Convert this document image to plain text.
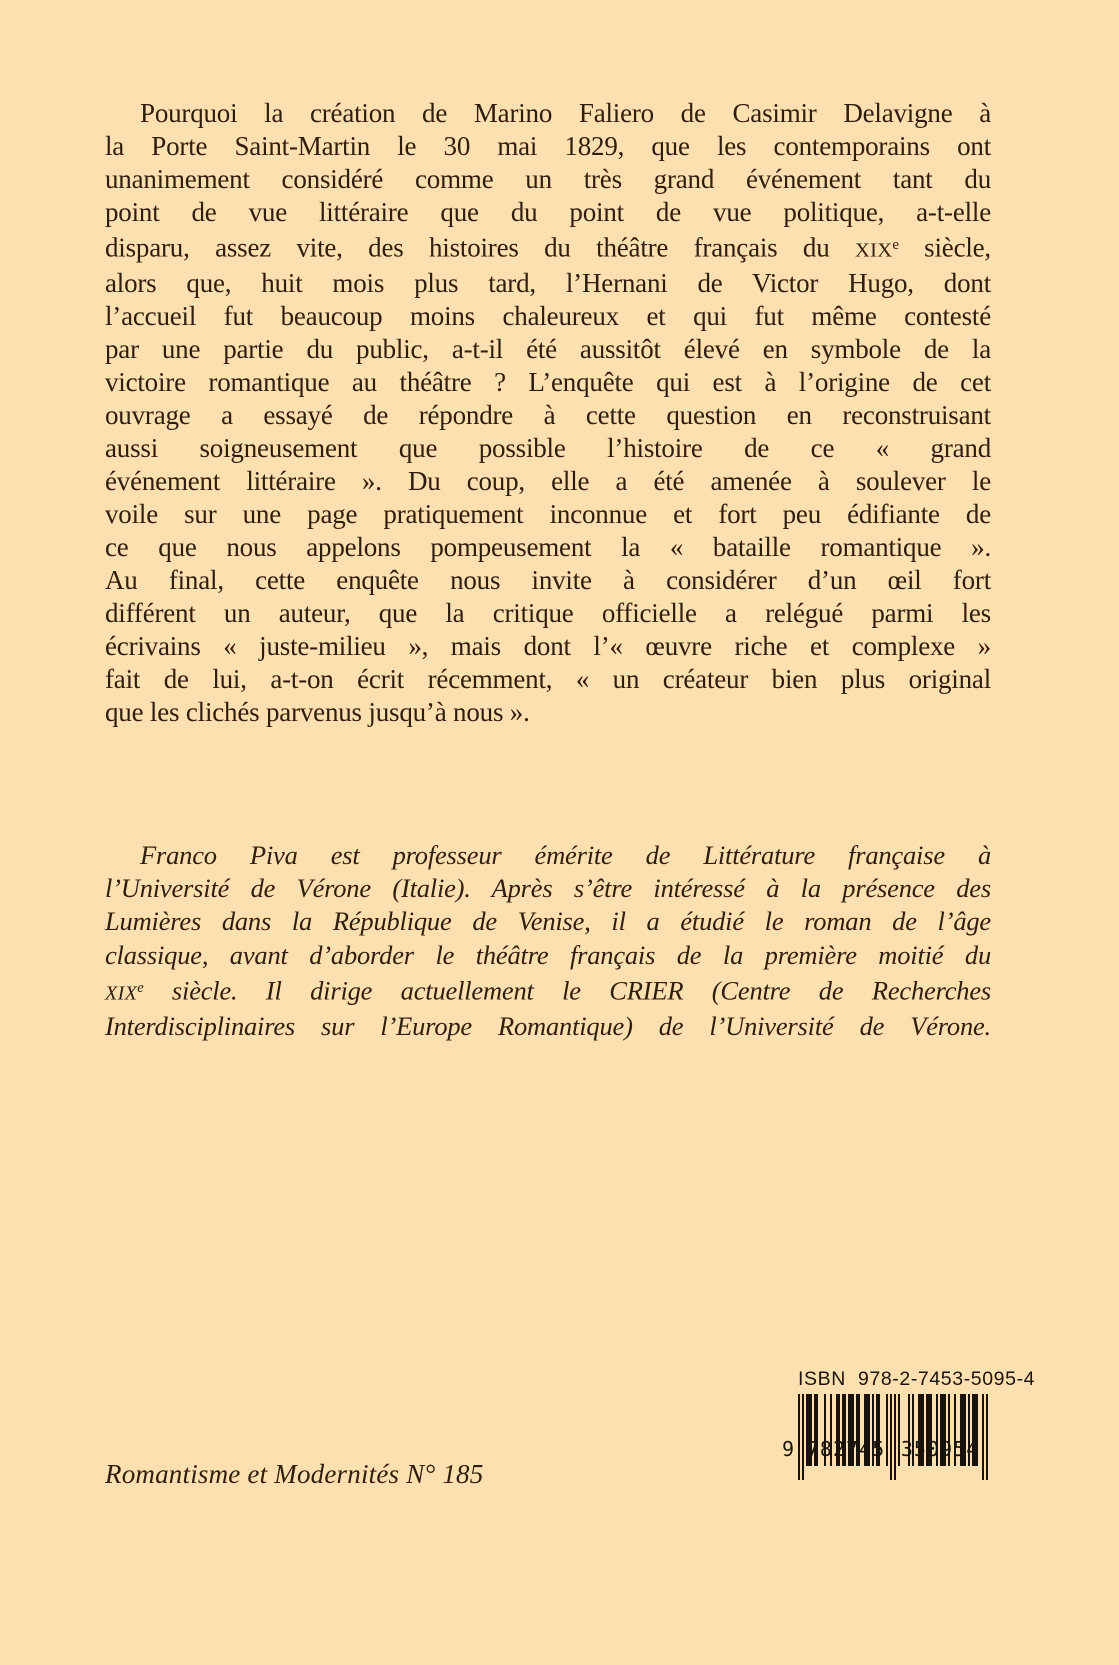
Pourquoi la création de Marino Faliero de Casimir Delavigne à
la Porte Saint-Martin le 30 mai 1829, que les contemporains ont
unanimement considéré comme un très grand événement tant du
point de vue littéraire que du point de vue politique, a-t-elle
disparu, assez vite, des histoires du théâtre français du XIXe siècle,
alors que, huit mois plus tard, l’Hernani de Victor Hugo, dont
l’accueil fut beaucoup moins chaleureux et qui fut même contesté
par une partie du public, a-t-il été aussitôt élevé en symbole de la
victoire romantique au théâtre ? L’enquête qui est à l’origine de cet
ouvrage a essayé de répondre à cette question en reconstruisant
aussi soigneusement que possible l’histoire de ce « grand
événement littéraire ». Du coup, elle a été amenée à soulever le
voile sur une page pratiquement inconnue et fort peu édifiante de
ce que nous appelons pompeusement la « bataille romantique ».
Au final, cette enquête nous invite à considérer d’un œil fort
différent un auteur, que la critique officielle a relégué parmi les
écrivains « juste-milieu », mais dont l’« œuvre riche et complexe »
fait de lui, a-t-on écrit récemment, « un créateur bien plus original
que les clichés parvenus jusqu’à nous ».
Franco Piva est professeur émérite de Littérature française à
l’Université de Vérone (Italie). Après s’être intéressé à la présence des
Lumières dans la République de Venise, il a étudié le roman de l’âge
classique, avant d’aborder le théâtre français de la première moitié du
XIXe siècle. Il dirige actuellement le CRIER (Centre de Recherches
Interdisciplinaires sur l’Europe Romantique) de l’Université de Vérone.
Romantisme et Modernités N° 185
ISBN  978-2-7453-5095-4
9 782745 350954
